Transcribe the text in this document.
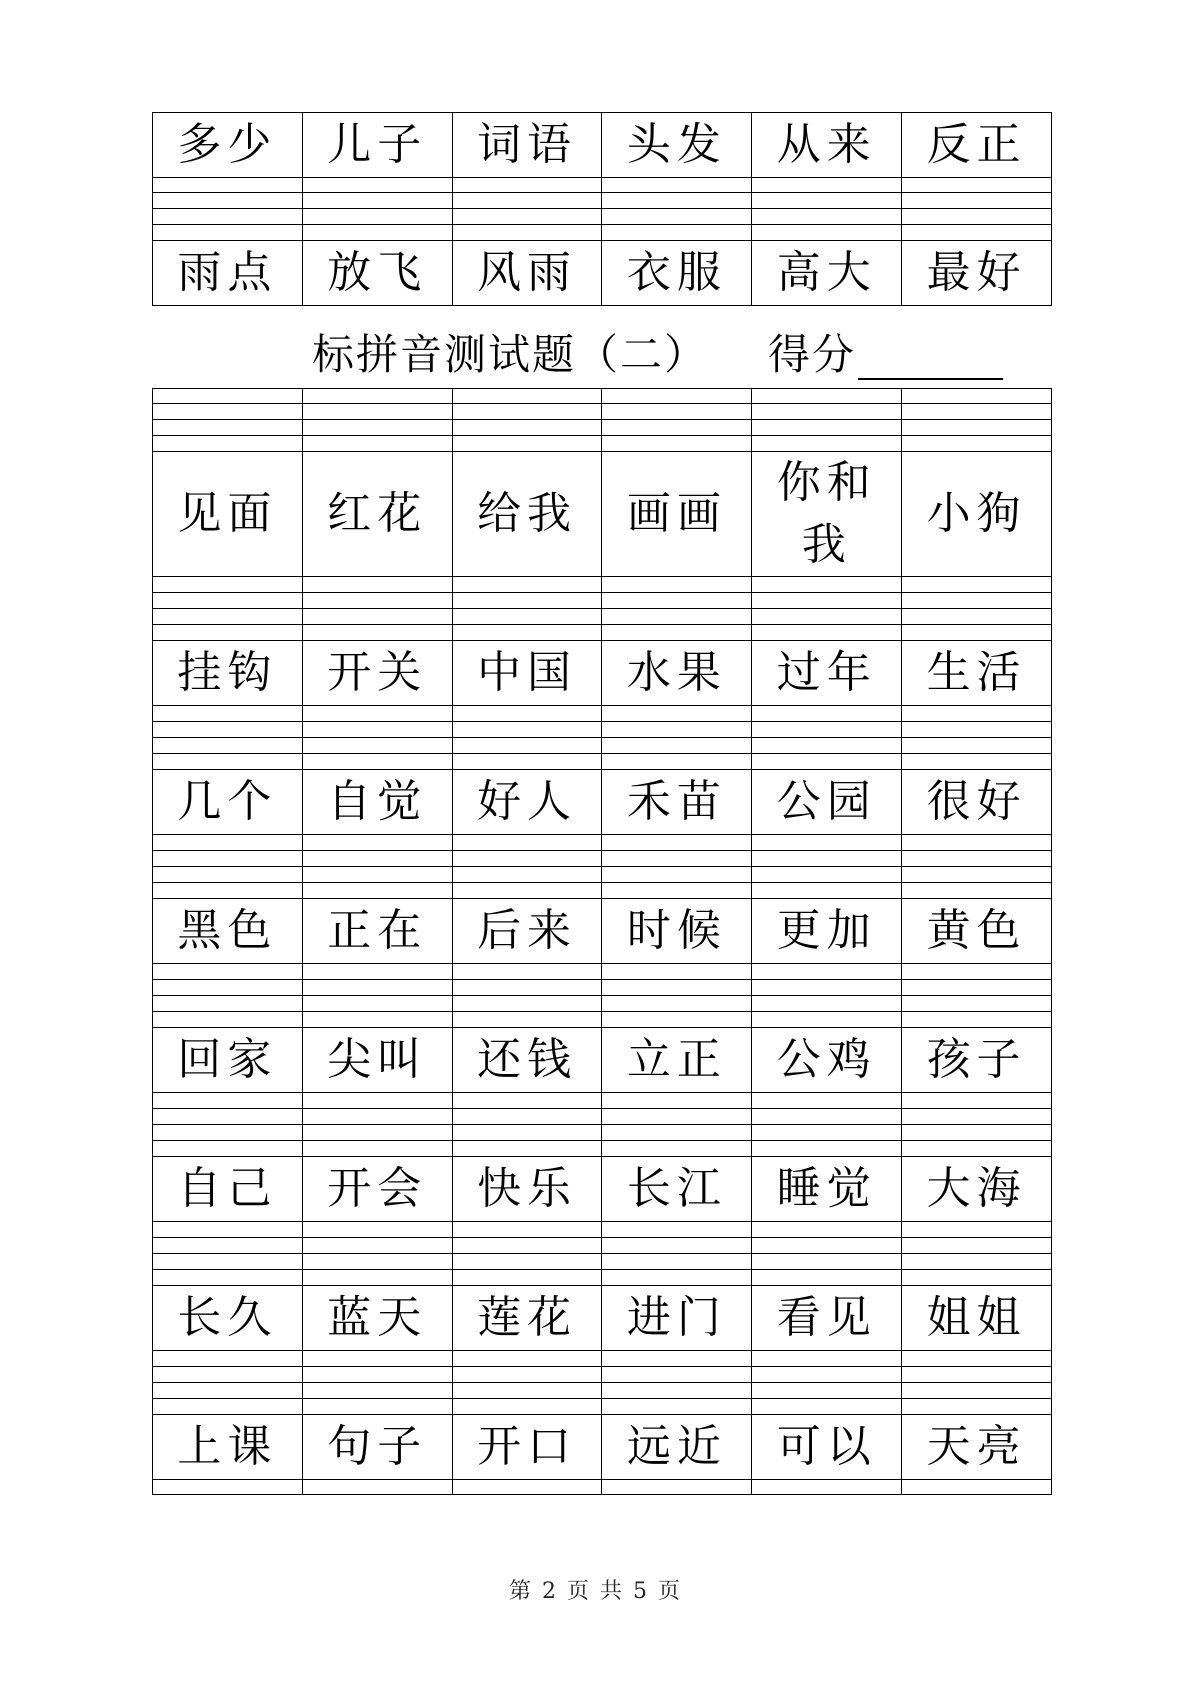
多少	儿子	词语	头发	从来	反正

雨点	放飞	风雨	衣服	高大	最好
标拼音测试题（二） 得分

见面	红花	给我	画画	你和我	小狗

挂钩	开关	中国	水果	过年	生活

几个	自觉	好人	禾苗	公园	很好

黑色	正在	后来	时候	更加	黄色

回家	尖叫	还钱	立正	公鸡	孩子

自己	开会	快乐	长江	睡觉	大海

长久	蓝天	莲花	进门	看见	姐姐

上课	句子	开口	远近	可以	天亮

第 2 页 共 5 页
